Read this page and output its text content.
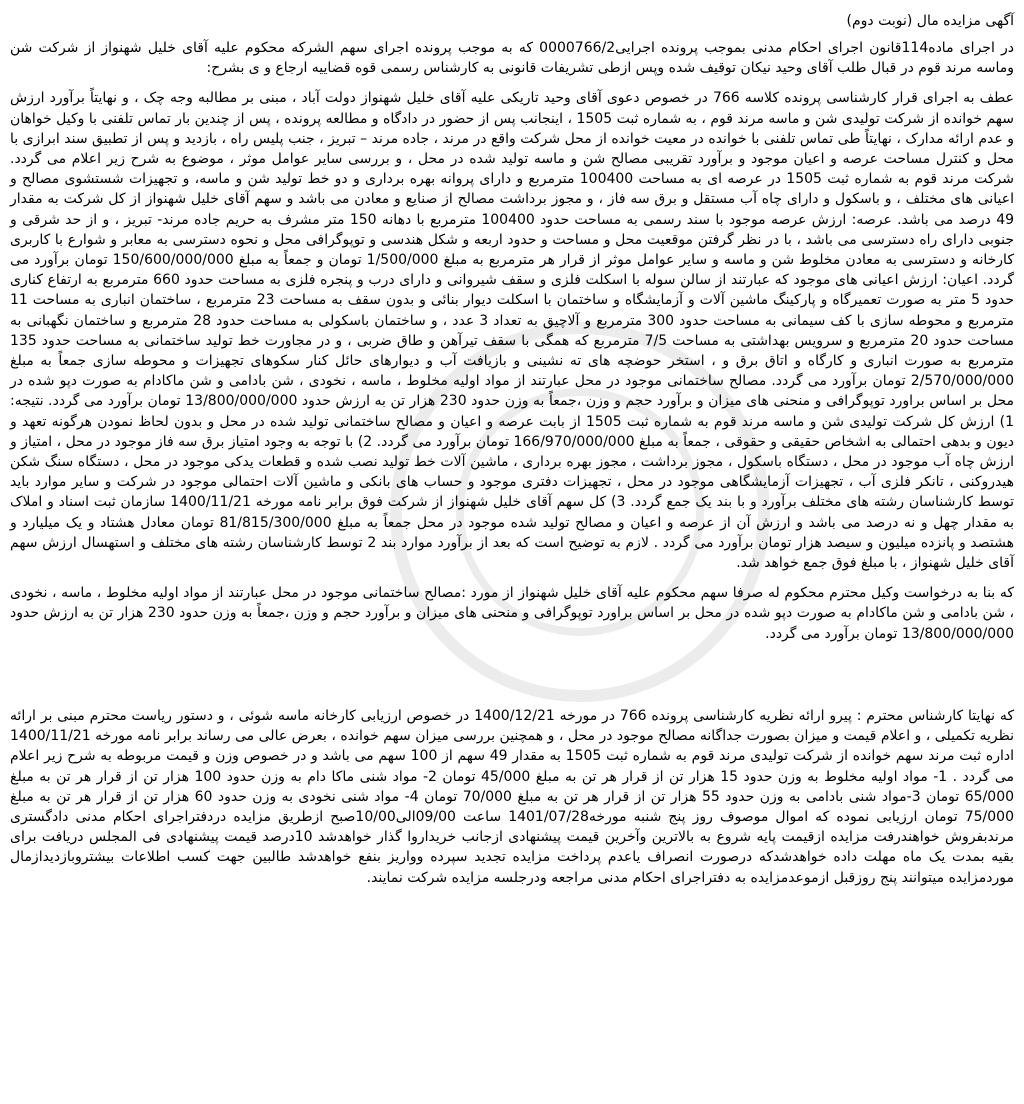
آگهی مزایده مال (نوبت دوم)

در اجرای ماده114قانون اجرای احکام مدنی بموجب پرونده اجرایی0000766/2 که به موجب پرونده اجرای سهم الشرکه محکوم علیه آقای خلیل شهنواز از شرکت شن وماسه مرند قوم در قبال طلب آقای وحید نیکان توقیف شده وپس ازطی تشریفات قانونی به کارشناس رسمی قوه قضاییه ارجاع و ی بشرح:

عطف به اجرای قرار کارشناسی پرونده کلاسه 766 در خصوص دعوی آقای وحید تاریکی علیه آقای خلیل شهنواز دولت آباد ، مبنی بر مطالبه وجه چک ، و نهایتاً برآورد ارزش سهم خوانده از شرکت تولیدی شن و ماسه مرند قوم ، به شماره ثبت 1505 ، اینجانب پس از حضور در دادگاه و مطالعه پرونده ، پس از چندین بار تماس تلفنی با وکیل خواهان و عدم ارائه مدارک ، نهایتاً طی تماس تلفنی با خوانده در معیت خوانده از محل شرکت واقع در مرند ، جاده مرند – تبریز ، جنب پلیس راه ، بازدید و پس از تطبیق سند ابرازی با محل و کنترل مساحت عرصه و اعیان موجود و برآورد تقریبی مصالح شن و ماسه تولید شده در محل ، و بررسی سایر عوامل موثر ، موضوع به شرح زیر اعلام می گردد. شرکت مرند قوم به شماره ثبت 1505 در عرصه ای به مساحت 100400 مترمربع و دارای پروانه بهره برداری و دو خط تولید شن و ماسه، و تجهیزات شستشوی مصالح و اعیانی های مختلف ، و باسکول و دارای چاه آب مستقل و برق سه فاز ، و مجوز برداشت مصالح از صنایع و معادن می باشد و سهم آقای خلیل شهنواز از کل شرکت به مقدار 49 درصد می باشد. عرصه: ارزش عرصه موجود با سند رسمی به مساحت حدود 100400 مترمربع با دهانه 150 متر مشرف به حریم جاده مرند- تبریز ، و از حد شرقی و جنوبی دارای راه دسترسی می باشد ، با در نظر گرفتن موقعیت محل و مساحت و حدود اربعه و شکل هندسی و توپوگرافی محل و نحوه دسترسی به معابر و شوارع با کاربری کارخانه و دسترسی به معادن مخلوط شن و ماسه و سایر عوامل موثر از قرار هر مترمربع به مبلغ 1/500/000 تومان و جمعاً به مبلغ 150/600/000/000 تومان برآورد می گردد. اعیان: ارزش اعیانی های موجود که عبارتند از سالن سوله با اسکلت فلزی و سقف شیروانی و دارای درب و پنجره فلزی به مساحت حدود 660 مترمربع به ارتفاع کناری حدود 5 متر به صورت تعمیرگاه و پارکینگ ماشین آلات و آزمایشگاه و ساختمان با اسکلت دیوار بنائی و بدون سقف به مساحت 23 مترمربع ، ساختمان انباری به مساحت 11 مترمربع و محوطه سازی با کف سیمانی به مساحت حدود 300 مترمربع و آلاچیق به تعداد 3 عدد ، و ساختمان باسکولی به مساحت حدود 28 مترمربع و ساختمان نگهبانی به مساحت حدود 20 مترمربع و سرویس بهداشتی به مساحت 7/5 مترمربع که همگی با سقف تیرآهن و طاق ضربی ، و در مجاورت خط تولید ساختمانی به مساحت حدود 135 مترمربع به صورت انباری و کارگاه و اتاق برق و ، استخر حوضچه های ته نشینی و بازیافت آب و دیوارهای حائل کنار سکوهای تجهیزات و محوطه سازی جمعاً به مبلغ 2/570/000/000 تومان برآورد می گردد. مصالح ساختمانی موجود در محل عبارتند از مواد اولیه مخلوط ، ماسه ، نخودی ، شن بادامی و شن ماکادام به صورت دپو شده در محل بر اساس براورد توپوگرافی و منحنی های میزان و برآورد حجم و وزن ،جمعاً به وزن حدود 230 هزار تن به ارزش حدود 13/800/000/000 تومان برآورد می گردد. نتیجه: 1) ارزش کل شرکت تولیدی شن و ماسه مرند قوم به شماره ثبت 1505 از بابت عرصه و اعیان و مصالح ساختمانی تولید شده در محل و بدون لحاظ نمودن هرگونه تعهد و دیون و بدهی احتمالی به اشخاص حقیقی و حقوقی ، جمعاً به مبلغ 166/970/000/000 تومان برآورد می گردد. 2) با توجه به وجود امتیاز برق سه فاز موجود در محل ، امتیاز و ارزش چاه آب موجود در محل ، دستگاه باسکول ، مجوز برداشت ، مجوز بهره برداری ، ماشین آلات خط تولید نصب شده و قطعات یدکی موجود در محل ، دستگاه سنگ شکن هیدروکنی ، تانکر فلزی آب ، تجهیزات آزمایشگاهی موجود در محل ، تجهیزات دفتری موجود و حساب های بانکی و ماشین آلات احتمالی موجود در شرکت و سایر موارد باید توسط کارشناسان رشته های مختلف برآورد و با بند یک جمع گردد. 3) کل سهم آقای خلیل شهنواز از شرکت فوق برابر نامه مورخه 1400/11/21 سازمان ثبت اسناد و املاک به مقدار چهل و نه درصد می باشد و ارزش آن از عرصه و اعیان و مصالح تولید شده موجود در محل جمعاً به مبلغ 81/815/300/000 تومان معادل هشتاد و یک میلیارد و هشتصد و پانزده میلیون و سیصد هزار تومان برآورد می گردد . لازم به توضیح است که بعد از برآورد موارد بند 2 توسط کارشناسان رشته های مختلف و استهسال ارزش سهم آقای خلیل شهنواز ، با مبلغ فوق جمع خواهد شد.

که بنا به درخواست وکیل محترم محکوم له صرفا سهم محکوم علیه آقای خلیل شهنواز از مورد :مصالح ساختمانی موجود در محل عبارتند از مواد اولیه مخلوط ، ماسه ، نخودی ، شن بادامی و شن ماکادام به صورت دپو شده در محل بر اساس براورد توپوگرافی و منحنی های میزان و برآورد حجم و وزن ،جمعاً به وزن حدود 230 هزار تن به ارزش حدود 13/800/000/000 تومان برآورد می گردد.

که نهایتا کارشناس محترم : پیرو ارائه نظریه کارشناسی پرونده 766 در مورخه 1400/12/21 در خصوص ارزیابی کارخانه ماسه شوئی ، و دستور ریاست محترم مبنی بر ارائه نظریه تکمیلی ، و اعلام قیمت و میزان بصورت جداگانه مصالح موجود در محل ، و همچنین بررسی میزان سهم خوانده ، بعرض عالی می رساند برابر نامه مورخه 1400/11/21 اداره ثبت مرند سهم خوانده از شرکت تولیدی مرند قوم به شماره ثبت 1505 به مقدار 49 سهم از 100 سهم می باشد و در خصوص وزن و قیمت مربوطه به شرح زیر اعلام می گردد . 1- مواد اولیه مخلوط به وزن حدود 15 هزار تن از قرار هر تن به مبلغ 45/000 تومان 2- مواد شنی ماکا دام به وزن حدود 100 هزار تن از قرار هر تن به مبلغ 65/000 تومان 3-مواد شنی بادامی به وزن حدود 55 هزار تن از قرار هر تن به مبلغ 70/000 تومان 4- مواد شنی نخودی به وزن حدود 60 هزار تن از قرار هر تن به مبلغ 75/000 تومان ارزیابی نموده که اموال موصوف روز پنج شنبه مورخه1401/07/28 ساعت 09/00الی10/00صبح ازطریق مزایده دردفتراجرای احکام مدنی دادگستری مرندبفروش خواهندرفت مزایده ازقیمت پایه شروع به بالاترین وآخرین قیمت پیشنهادی ازجانب خریداروا گذار خواهدشد 10درصد قیمت پیشنهادی فی المجلس دریافت برای بقیه بمدت یک ماه مهلت داده خواهدشدکه درصورت انصراف یاعدم پرداخت مزایده تجدید سپرده وواریز بنفع خواهدشد طالبین جهت کسب اطلاعات بیشتروبازدیدازمال موردمزایده میتوانند پنج روزقبل ازموعدمزایده به دفتراجرای احکام مدنی مراجعه ودرجلسه مزایده شرکت نمایند.
